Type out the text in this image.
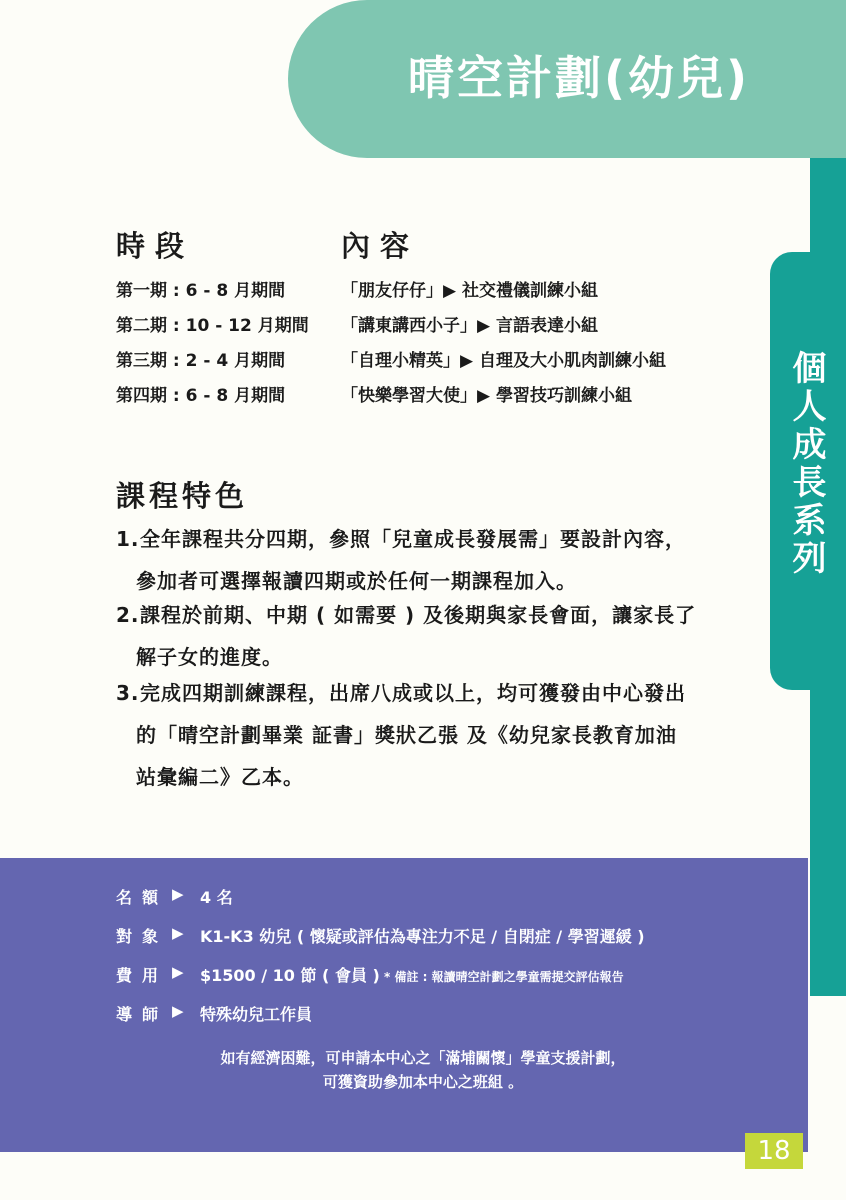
晴空計劃(幼兒)
個人成長系列
時段	內容
第一期 : 6 - 8 月期間	「朋友仔仔」▶ 社交禮儀訓練小組
第二期 : 10 - 12 月期間 「講東講西小子」▶ 言語表達小組
第三期 : 2 - 4 月期間	「自理小精英」▶ 自理及大小肌肉訓練小組
第四期 : 6 - 8 月期間	「快樂學習大使」▶ 學習技巧訓練小組
課程特色
1.全年課程共分四期，參照「兒童成長發展需」要設計內容，
參加者可選擇報讀四期或於任何一期課程加入。
2.課程於前期、中期 ( 如需要 ) 及後期與家長會面，讓家長了
解子女的進度。
3.完成四期訓練課程，出席八成或以上，均可獲發由中心發出
的「晴空計劃畢業 証書」獎狀乙張 及《幼兒家長教育加油
站彙編二》乙本。
名額 ▶ 4 名
對象 ▶ K1-K3 幼兒 ( 懷疑或評估為專注力不足 / 自閉症 / 學習遲緩 )
費用 ▶ $1500 / 10 節 ( 會員 ) * 備註 : 報讀晴空計劃之學童需提交評估報告
導師 ▶ 特殊幼兒工作員
如有經濟困難，可申請本中心之「滿埔關懷」學童支援計劃，
可獲資助參加本中心之班組 。
18
